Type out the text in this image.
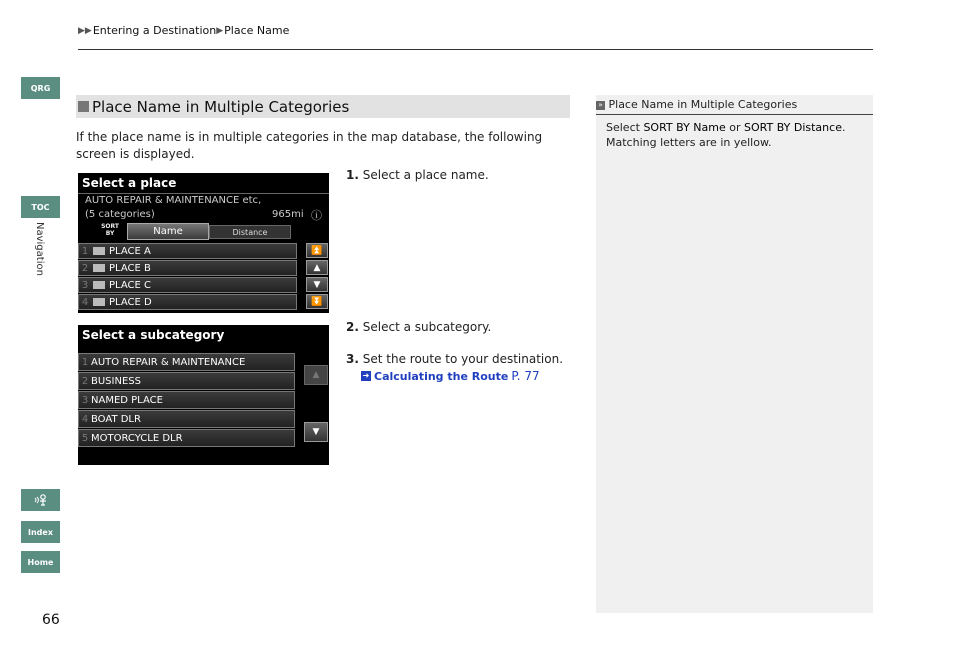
▶▶ Entering a Destination ▶ Place Name
QRG
TOC
Navigation
Index
Home
66
Place Name in Multiple Categories
If the place name is in multiple categories in the map database, the following screen is displayed.
Select a place
AUTO REPAIR & MAINTENANCE etc,
(5 categories)	965mi ⓘ
SORT BY	Name	Distance
1 PLACE A
2 PLACE B
3 PLACE C
4 PLACE D
⏫
▲
▼
⏬
Select a subcategory
1 AUTO REPAIR & MAINTENANCE
2 BUSINESS
3 NAMED PLACE
4 BOAT DLR
5 MOTORCYCLE DLR
▲
▼
1. Select a place name.
2. Select a subcategory.
3. Set the route to your destination.
➜ Calculating the Route P. 77
» Place Name in Multiple Categories
Select SORT BY Name or SORT BY Distance.
Matching letters are in yellow.
